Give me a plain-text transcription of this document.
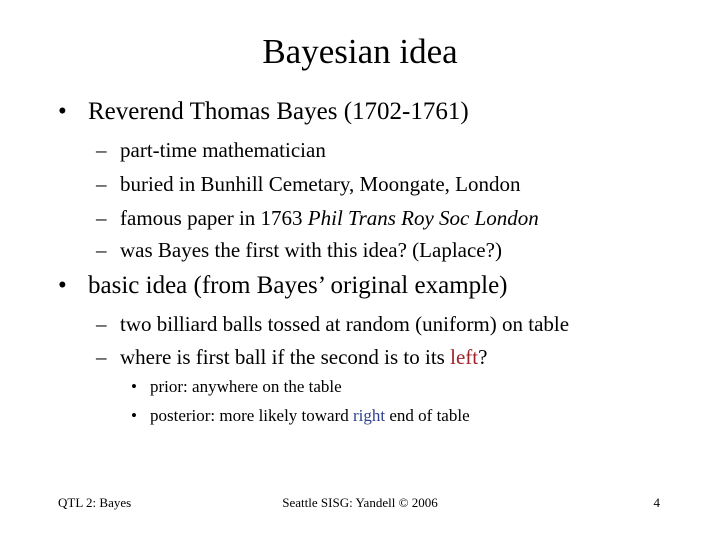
Bayesian idea
• Reverend Thomas Bayes (1702-1761)
– part-time mathematician
– buried in Bunhill Cemetary, Moongate, London
– famous paper in 1763 Phil Trans Roy Soc London
– was Bayes the first with this idea? (Laplace?)
• basic idea (from Bayes’ original example)
– two billiard balls tossed at random (uniform) on table
– where is first ball if the second is to its left?
• prior: anywhere on the table
• posterior: more likely toward right end of table
QTL 2: Bayes	Seattle SISG: Yandell © 2006	4
